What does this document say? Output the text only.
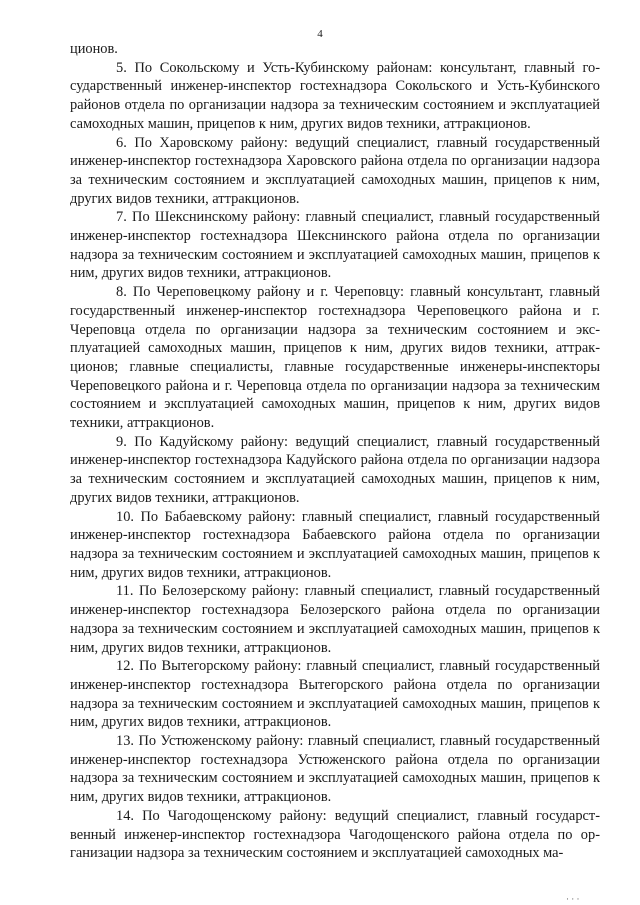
4

ционов.

5. По Сокольскому и Усть-Кубинскому районам: консультант, главный государственный инженер-инспектор гостехнадзора Сокольского и Усть-Кубинского районов отдела по организации надзора за техническим состоянием и эксплуатацией самоходных машин, прицепов к ним, других видов техники, аттракционов.

6. По Харовскому району: ведущий специалист, главный государственный инженер-инспектор гостехнадзора Харовского района отдела по организации надзора за техническим состоянием и эксплуатацией самоходных машин, прицепов к ним, других видов техники, аттракционов.

7. По Шекснинскому району: главный специалист, главный государственный инженер-инспектор гостехнадзора Шекснинского района отдела по организации надзора за техническим состоянием и эксплуатацией самоходных машин, прицепов к ним, других видов техники, аттракционов.

8. По Череповецкому району и г. Череповцу: главный консультант, главный государственный инженер-инспектор гостехнадзора Череповецкого района и г. Череповца отдела по организации надзора за техническим состоянием и эксплуатацией самоходных машин, прицепов к ним, других видов техники, аттракционов; главные специалисты, главные государственные инженеры-инспекторы Череповецкого района и г. Череповца отдела по организации надзора за техническим состоянием и эксплуатацией самоходных машин, прицепов к ним, других видов техники, аттракционов.

9. По Кадуйскому району: ведущий специалист, главный государственный инженер-инспектор гостехнадзора Кадуйского района отдела по организации надзора за техническим состоянием и эксплуатацией самоходных машин, прицепов к ним, других видов техники, аттракционов.

10. По Бабаевскому району: главный специалист, главный государственный инженер-инспектор гостехнадзора Бабаевского района отдела по организации надзора за техническим состоянием и эксплуатацией самоходных машин, прицепов к ним, других видов техники, аттракционов.

11. По Белозерскому району: главный специалист, главный государственный инженер-инспектор гостехнадзора Белозерского района отдела по организации надзора за техническим состоянием и эксплуатацией самоходных машин, прицепов к ним, других видов техники, аттракционов.

12. По Вытегорскому району: главный специалист, главный государственный инженер-инспектор гостехнадзора Вытегорского района отдела по организации надзора за техническим состоянием и эксплуатацией самоходных машин, прицепов к ним, других видов техники, аттракционов.

13. По Устюженскому району: главный специалист, главный государственный инженер-инспектор гостехнадзора Устюженского района отдела по организации надзора за техническим состоянием и эксплуатацией самоходных машин, прицепов к ним, других видов техники, аттракционов.

14. По Чагодощенскому району: ведущий специалист, главный государственный инженер-инспектор гостехнадзора Чагодощенского района отдела по организации надзора за техническим состоянием и эксплуатацией самоходных ма-

· · ·
